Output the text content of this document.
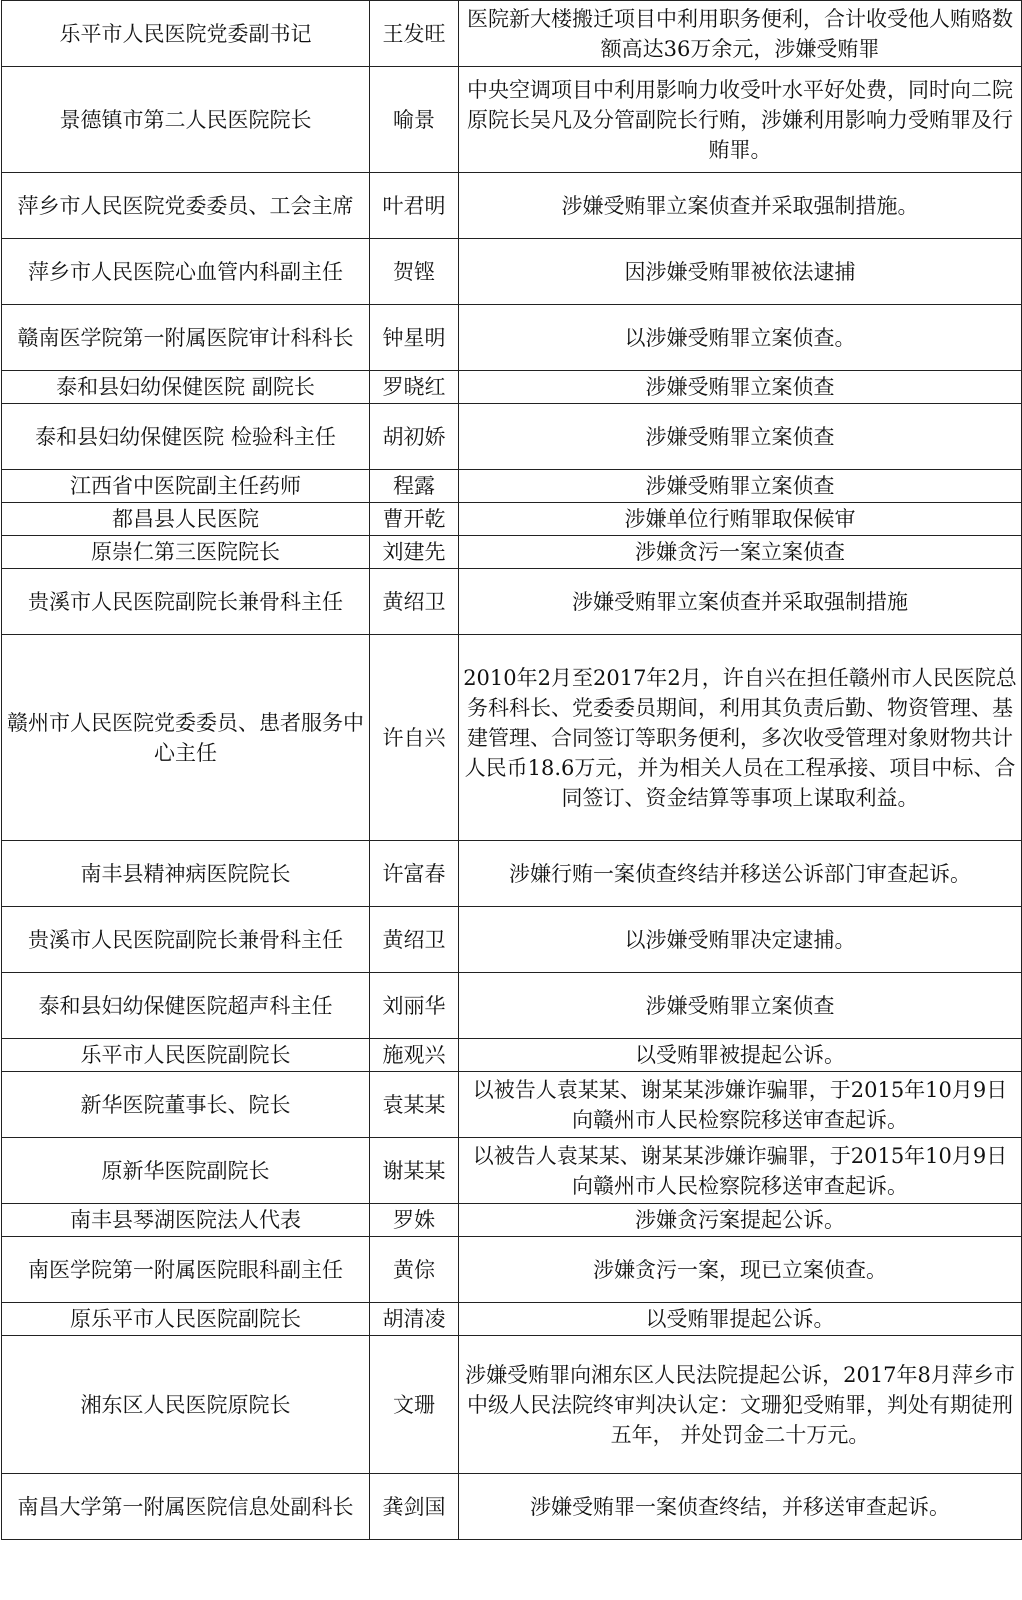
乐平市人民医院党委副书记	王发旺	医院新大楼搬迁项目中利用职务便利，合计收受他人贿赂数额高达36万余元，涉嫌受贿罪
景德镇市第二人民医院院长	喻景	中央空调项目中利用影响力收受叶水平好处费，同时向二院原院长吴凡及分管副院长行贿，涉嫌利用影响力受贿罪及行贿罪。
萍乡市人民医院党委委员、工会主席	叶君明	涉嫌受贿罪立案侦查并采取强制措施。
萍乡市人民医院心血管内科副主任	贺铿	因涉嫌受贿罪被依法逮捕
赣南医学院第一附属医院审计科科长	钟星明	以涉嫌受贿罪立案侦查。
泰和县妇幼保健医院 副院长	罗晓红	涉嫌受贿罪立案侦查
泰和县妇幼保健医院 检验科主任	胡初娇	涉嫌受贿罪立案侦查
江西省中医院副主任药师	程露	涉嫌受贿罪立案侦查
都昌县人民医院	曹开乾	涉嫌单位行贿罪取保候审
原崇仁第三医院院长	刘建先	涉嫌贪污一案立案侦查
贵溪市人民医院副院长兼骨科主任	黄绍卫	涉嫌受贿罪立案侦查并采取强制措施
赣州市人民医院党委委员、患者服务中心主任	许自兴	2010年2月至2017年2月，许自兴在担任赣州市人民医院总务科科长、党委委员期间，利用其负责后勤、物资管理、基建管理、合同签订等职务便利，多次收受管理对象财物共计人民币18.6万元，并为相关人员在工程承接、项目中标、合同签订、资金结算等事项上谋取利益。
南丰县精神病医院院长	许富春	涉嫌行贿一案侦查终结并移送公诉部门审查起诉。
贵溪市人民医院副院长兼骨科主任	黄绍卫	以涉嫌受贿罪决定逮捕。
泰和县妇幼保健医院超声科主任	刘丽华	涉嫌受贿罪立案侦查
乐平市人民医院副院长	施观兴	以受贿罪被提起公诉。
新华医院董事长、院长	袁某某	以被告人袁某某、谢某某涉嫌诈骗罪，于2015年10月9日向赣州市人民检察院移送审查起诉。
原新华医院副院长	谢某某	以被告人袁某某、谢某某涉嫌诈骗罪，于2015年10月9日向赣州市人民检察院移送审查起诉。
南丰县琴湖医院法人代表	罗姝	涉嫌贪污案提起公诉。
南医学院第一附属医院眼科副主任	黄倧	涉嫌贪污一案，现已立案侦查。
原乐平市人民医院副院长	胡清凌	以受贿罪提起公诉。
湘东区人民医院原院长	文珊	涉嫌受贿罪向湘东区人民法院提起公诉，2017年8月萍乡市中级人民法院终审判决认定：文珊犯受贿罪，判处有期徒刑五年， 并处罚金二十万元。
南昌大学第一附属医院信息处副科长	龚剑国	涉嫌受贿罪一案侦查终结，并移送审查起诉。
